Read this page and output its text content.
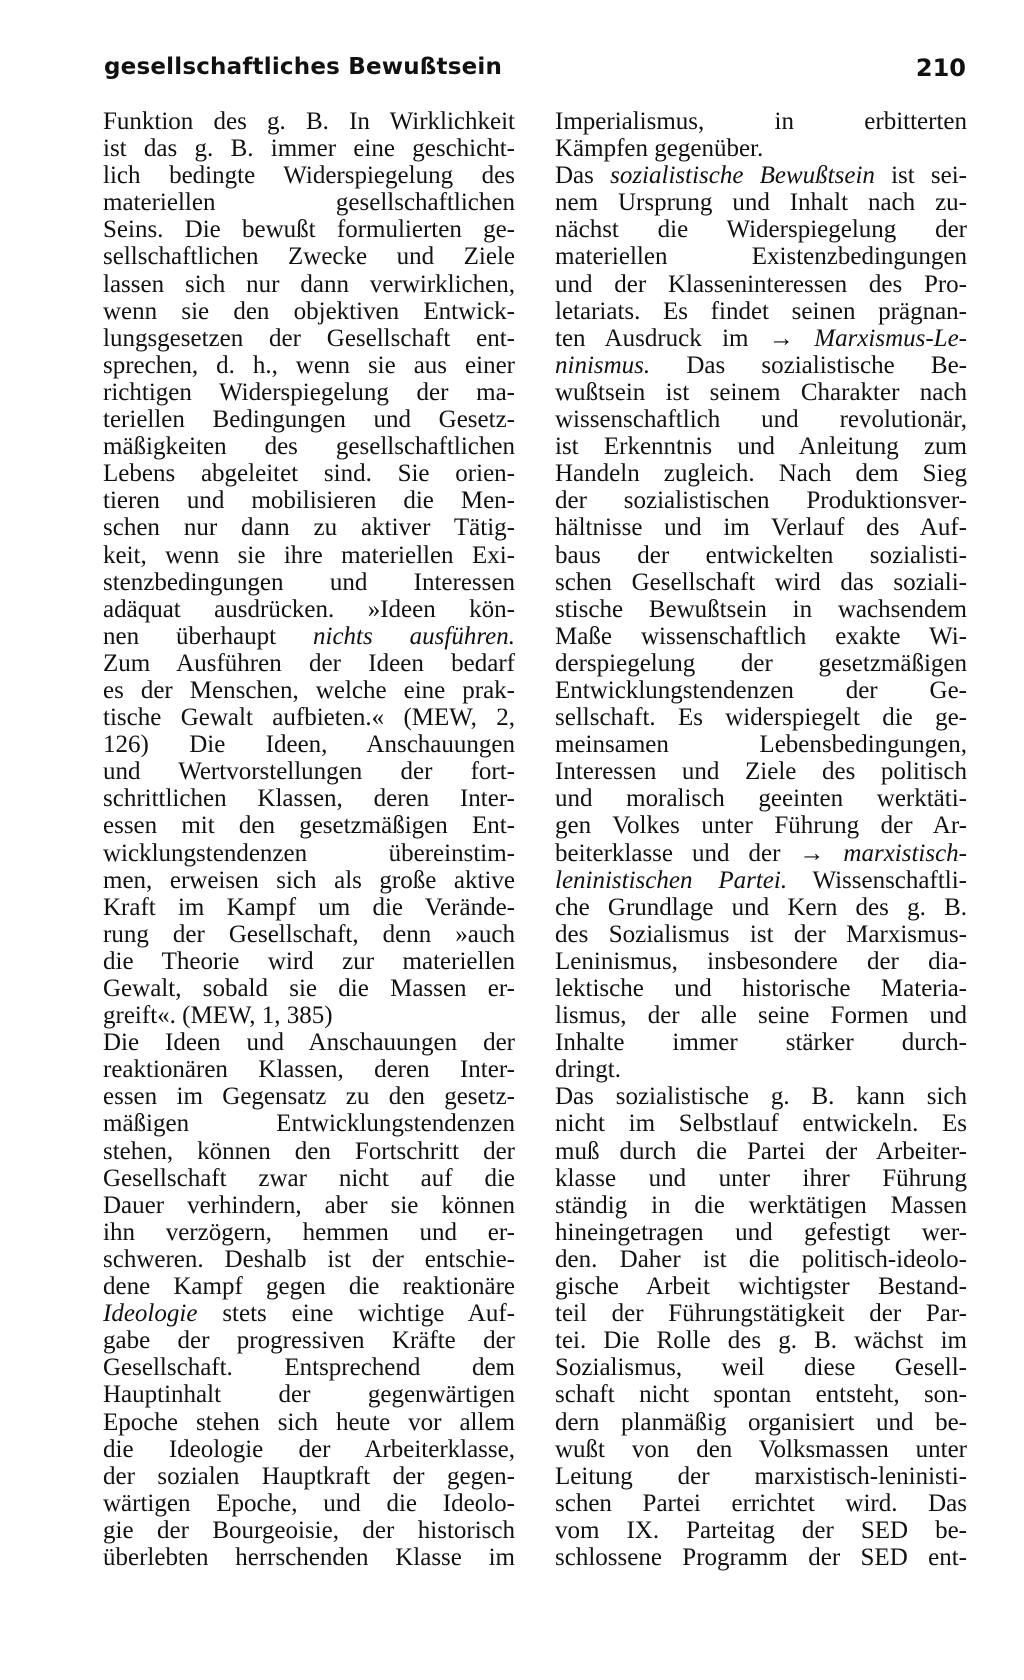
gesellschaftliches Bewußtsein	210
Funktion des g. B. In Wirklichkeit
ist das g. B. immer eine geschicht-
lich bedingte Widerspiegelung des
materiellen gesellschaftlichen
Seins. Die bewußt formulierten ge-
sellschaftlichen Zwecke und Ziele
lassen sich nur dann verwirklichen,
wenn sie den objektiven Entwick-
lungsgesetzen der Gesellschaft ent-
sprechen, d. h., wenn sie aus einer
richtigen Widerspiegelung der ma-
teriellen Bedingungen und Gesetz-
mäßigkeiten des gesellschaftlichen
Lebens abgeleitet sind. Sie orien-
tieren und mobilisieren die Men-
schen nur dann zu aktiver Tätig-
keit, wenn sie ihre materiellen Exi-
stenzbedingungen und Interessen
adäquat ausdrücken. »Ideen kön-
nen überhaupt nichts ausführen.
Zum Ausführen der Ideen bedarf
es der Menschen, welche eine prak-
tische Gewalt aufbieten.« (MEW, 2,
126) Die Ideen, Anschauungen
und Wertvorstellungen der fort-
schrittlichen Klassen, deren Inter-
essen mit den gesetzmäßigen Ent-
wicklungstendenzen übereinstim-
men, erweisen sich als große aktive
Kraft im Kampf um die Verände-
rung der Gesellschaft, denn »auch
die Theorie wird zur materiellen
Gewalt, sobald sie die Massen er-
greift«. (MEW, 1, 385)
Die Ideen und Anschauungen der
reaktionären Klassen, deren Inter-
essen im Gegensatz zu den gesetz-
mäßigen Entwicklungstendenzen
stehen, können den Fortschritt der
Gesellschaft zwar nicht auf die
Dauer verhindern, aber sie können
ihn verzögern, hemmen und er-
schweren. Deshalb ist der entschie-
dene Kampf gegen die reaktionäre
Ideologie stets eine wichtige Auf-
gabe der progressiven Kräfte der
Gesellschaft. Entsprechend dem
Hauptinhalt der gegenwärtigen
Epoche stehen sich heute vor allem
die Ideologie der Arbeiterklasse,
der sozialen Hauptkraft der gegen-
wärtigen Epoche, und die Ideolo-
gie der Bourgeoisie, der historisch
überlebten herrschenden Klasse im
Imperialismus, in erbitterten
Kämpfen gegenüber.
Das sozialistische Bewußtsein ist sei-
nem Ursprung und Inhalt nach zu-
nächst die Widerspiegelung der
materiellen Existenzbedingungen
und der Klasseninteressen des Pro-
letariats. Es findet seinen prägnan-
ten Ausdruck im → Marxismus-Le-
ninismus. Das sozialistische Be-
wußtsein ist seinem Charakter nach
wissenschaftlich und revolutionär,
ist Erkenntnis und Anleitung zum
Handeln zugleich. Nach dem Sieg
der sozialistischen Produktionsver-
hältnisse und im Verlauf des Auf-
baus der entwickelten sozialisti-
schen Gesellschaft wird das soziali-
stische Bewußtsein in wachsendem
Maße wissenschaftlich exakte Wi-
derspiegelung der gesetzmäßigen
Entwicklungstendenzen der Ge-
sellschaft. Es widerspiegelt die ge-
meinsamen Lebensbedingungen,
Interessen und Ziele des politisch
und moralisch geeinten werktäti-
gen Volkes unter Führung der Ar-
beiterklasse und der → marxistisch-
leninistischen Partei. Wissenschaftli-
che Grundlage und Kern des g. B.
des Sozialismus ist der Marxismus-
Leninismus, insbesondere der dia-
lektische und historische Materia-
lismus, der alle seine Formen und
Inhalte immer stärker durch-
dringt.
Das sozialistische g. B. kann sich
nicht im Selbstlauf entwickeln. Es
muß durch die Partei der Arbeiter-
klasse und unter ihrer Führung
ständig in die werktätigen Massen
hineingetragen und gefestigt wer-
den. Daher ist die politisch-ideolo-
gische Arbeit wichtigster Bestand-
teil der Führungstätigkeit der Par-
tei. Die Rolle des g. B. wächst im
Sozialismus, weil diese Gesell-
schaft nicht spontan entsteht, son-
dern planmäßig organisiert und be-
wußt von den Volksmassen unter
Leitung der marxistisch-leninisti-
schen Partei errichtet wird. Das
vom IX. Parteitag der SED be-
schlossene Programm der SED ent-
